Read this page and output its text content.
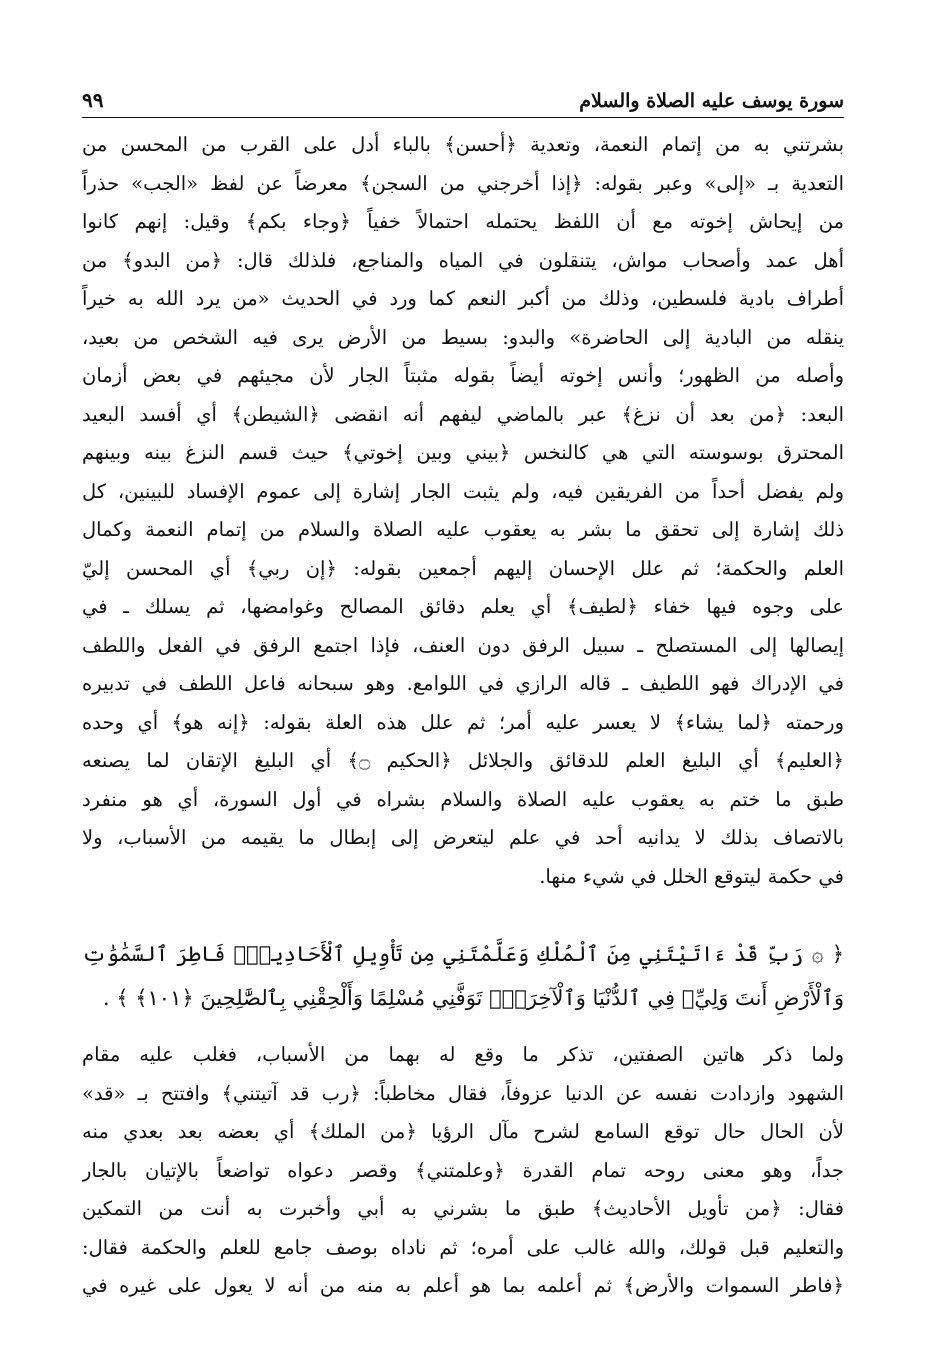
سورة يوسف عليه الصلاة والسلام
٩٩
بشرتني به من إتمام النعمة، وتعدية ﴿أحسن﴾ بالباء أدل على القرب من المحسن من
التعدية بـ «إلى» وعبر بقوله: ﴿إذا أخرجني من السجن﴾ معرضاً عن لفظ «الجب» حذراً
من إيحاش إخوته مع أن اللفظ يحتمله احتمالاً خفياً ﴿وجاء بكم﴾ وقيل: إنهم كانوا
أهل عمد وأصحاب مواش، يتنقلون في المياه والمناجع، فلذلك قال: ﴿من البدو﴾ من
أطراف بادية فلسطين، وذلك من أكبر النعم كما ورد في الحديث «من يرد الله به خيراً
ينقله من البادية إلى الحاضرة» والبدو: بسيط من الأرض يرى فيه الشخص من بعيد،
وأصله من الظهور؛ وأنس إخوته أيضاً بقوله مثبتاً الجار لأن مجيئهم في بعض أزمان
البعد: ﴿من بعد أن نزغ﴾ عبر بالماضي ليفهم أنه انقضى ﴿الشيطن﴾ أي أفسد البعيد
المحترق بوسوسته التي هي كالنخس ﴿بيني وبين إخوتي﴾ حيث قسم النزغ بينه وبينهم
ولم يفضل أحداً من الفريقين فيه، ولم يثبت الجار إشارة إلى عموم الإفساد للبينين، كل
ذلك إشارة إلى تحقق ما بشر به يعقوب عليه الصلاة والسلام من إتمام النعمة وكمال
العلم والحكمة؛ ثم علل الإحسان إليهم أجمعين بقوله: ﴿إن ربي﴾ أي المحسن إليّ
على وجوه فيها خفاء ﴿لطيف﴾ أي يعلم دقائق المصالح وغوامضها، ثم يسلك ـ في
إيصالها إلى المستصلح ـ سبيل الرفق دون العنف، فإذا اجتمع الرفق في الفعل واللطف
في الإدراك فهو اللطيف ـ قاله الرازي في اللوامع. وهو سبحانه فاعل اللطف في تدبيره
ورحمته ﴿لما يشاء﴾ لا يعسر عليه أمر؛ ثم علل هذه العلة بقوله: ﴿إنه هو﴾ أي وحده
﴿العليم﴾ أي البليغ العلم للدقائق والجلائل ﴿الحكيم ۝﴾ أي البليغ الإتقان لما يصنعه
طبق ما ختم به يعقوب عليه الصلاة والسلام بشراه في أول السورة، أي هو منفرد
بالاتصاف بذلك لا يدانيه أحد في علم ليتعرض إلى إبطال ما يقيمه من الأسباب، ولا
في حكمة ليتوقع الخلل في شيء منها.
﴿ ۞ رَبِّ قَدْ ءَاتَيْتَنِي مِنَ ٱلْمُلْكِ وَعَلَّمْتَنِي مِن تَأْوِيلِ ٱلْأَحَادِيثِۚ فَاطِرَ ٱلسَّمَٰوَٰتِ
وَٱلْأَرْضِ أَنتَ وَلِيِّۦ فِي ٱلدُّنْيَا وَٱلْآخِرَةِۖ تَوَفَّنِي مُسْلِمًا وَأَلْحِقْنِي بِٱلصَّٰلِحِينَ ﴿١٠١﴾ ﴾ .
ولما ذكر هاتين الصفتين، تذكر ما وقع له بهما من الأسباب، فغلب عليه مقام
الشهود وازدادت نفسه عن الدنيا عزوفاً، فقال مخاطباً: ﴿رب قد آتيتني﴾ وافتتح بـ «قد»
لأن الحال حال توقع السامع لشرح مآل الرؤيا ﴿من الملك﴾ أي بعضه بعد بعدي منه
جداً، وهو معنى روحه تمام القدرة ﴿وعلمتني﴾ وقصر دعواه تواضعاً بالإتيان بالجار
فقال: ﴿من تأويل الأحاديث﴾ طبق ما بشرني به أبي وأخبرت به أنت من التمكين
والتعليم قبل قولك، والله غالب على أمره؛ ثم ناداه بوصف جامع للعلم والحكمة فقال:
﴿فاطر السموات والأرض﴾ ثم أعلمه بما هو أعلم به منه من أنه لا يعول على غيره في
